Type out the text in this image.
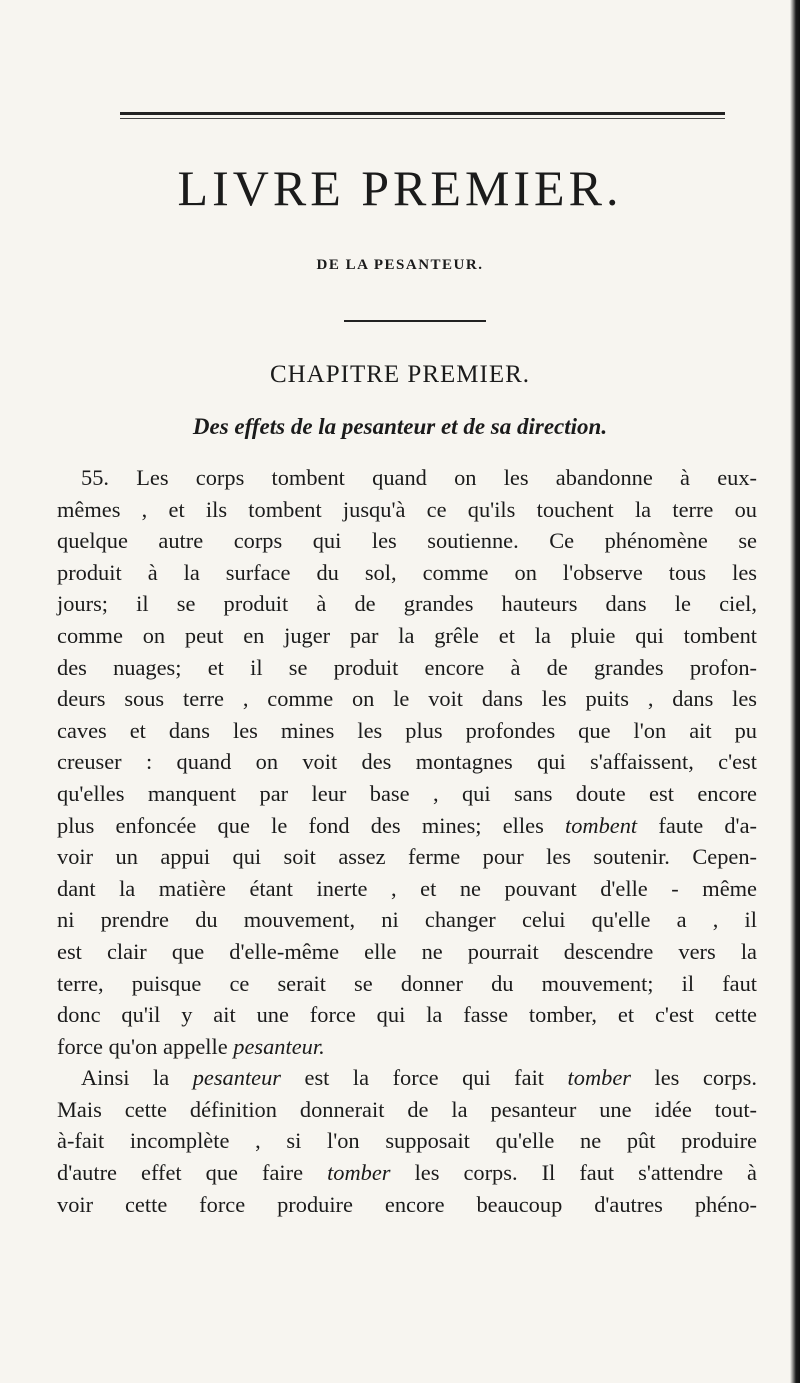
LIVRE PREMIER.
DE LA PESANTEUR.
CHAPITRE PREMIER.
Des effets de la pesanteur et de sa direction.
55. Les corps tombent quand on les abandonne à eux-
mêmes , et ils tombent jusqu'à ce qu'ils touchent la terre ou
quelque autre corps qui les soutienne. Ce phénomène se
produit à la surface du sol, comme on l'observe tous les
jours; il se produit à de grandes hauteurs dans le ciel,
comme on peut en juger par la grêle et la pluie qui tombent
des nuages; et il se produit encore à de grandes profon-
deurs sous terre , comme on le voit dans les puits , dans les
caves et dans les mines les plus profondes que l'on ait pu
creuser : quand on voit des montagnes qui s'affaissent, c'est
qu'elles manquent par leur base , qui sans doute est encore
plus enfoncée que le fond des mines; elles tombent faute d'a-
voir un appui qui soit assez ferme pour les soutenir. Cepen-
dant la matière étant inerte , et ne pouvant d'elle - même
ni prendre du mouvement, ni changer celui qu'elle a , il
est clair que d'elle-même elle ne pourrait descendre vers la
terre, puisque ce serait se donner du mouvement; il faut
donc qu'il y ait une force qui la fasse tomber, et c'est cette
force qu'on appelle pesanteur.
Ainsi la pesanteur est la force qui fait tomber les corps.
Mais cette définition donnerait de la pesanteur une idée tout-
à-fait incomplète , si l'on supposait qu'elle ne pût produire
d'autre effet que faire tomber les corps. Il faut s'attendre à
voir cette force produire encore beaucoup d'autres phéno-
